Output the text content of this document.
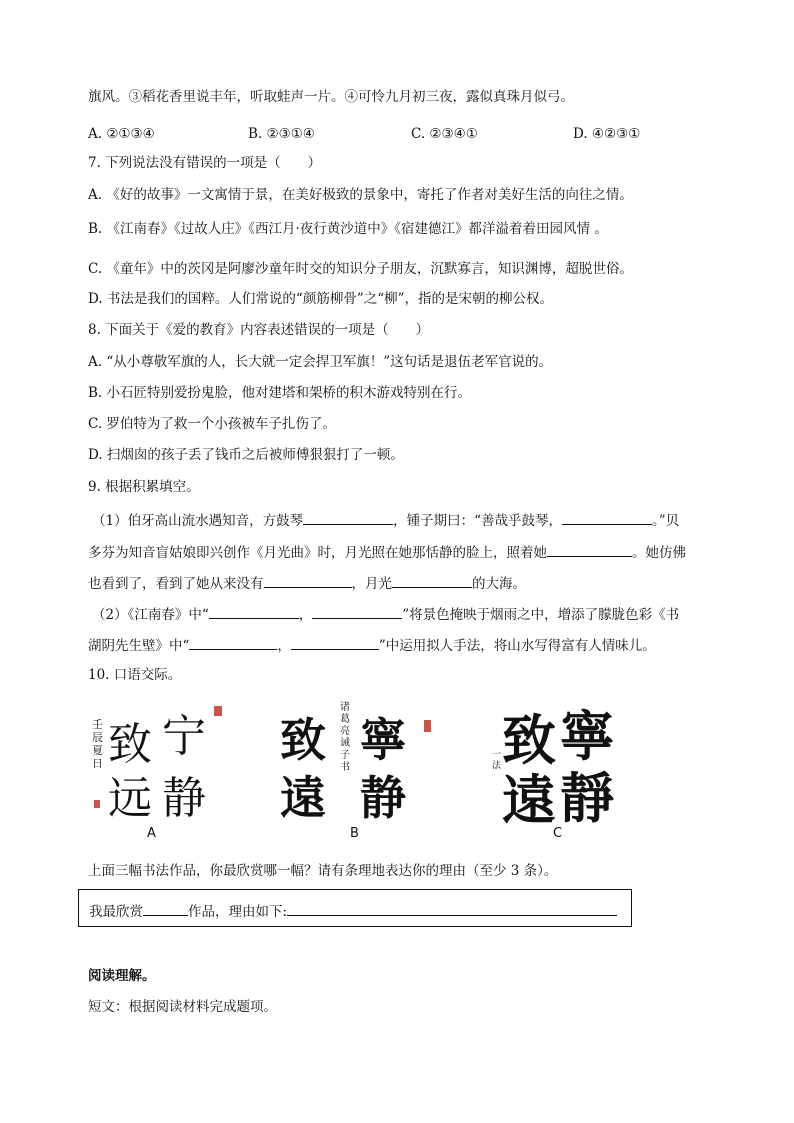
旗风。③稻花香里说丰年，听取蛙声一片。④可怜九月初三夜，露似真珠月似弓。
A. ②①③④	B. ②③①④	C. ②③④①	D. ④②③①
7. 下列说法没有错误的一项是（　　）
A. 《好的故事》一文寓情于景，在美好极致的景象中，寄托了作者对美好生活的向往之情。
B. 《江南春》《过故人庄》《西江月·夜行黄沙道中》《宿建德江》都洋溢着着田园风情 。
C. 《童年》中的茨冈是阿廖沙童年时交的知识分子朋友，沉默寡言，知识渊博，超脱世俗。
D. 书法是我们的国粹。人们常说的“颜筋柳骨”之“柳”，指的是宋朝的柳公权。
8. 下面关于《爱的教育》内容表述错误的一项是（　　）
A. “从小尊敬军旗的人，长大就一定会捍卫军旗！”这句话是退伍老军官说的。
B. 小石匠特别爱扮鬼脸，他对建塔和架桥的积木游戏特别在行。
C. 罗伯特为了救一个小孩被车子扎伤了。
D. 扫烟囱的孩子丢了钱币之后被师傅狠狠打了一顿。
9. 根据积累填空。
（1）伯牙高山流水遇知音，方鼓琴	，锺子期曰：“善哉乎鼓琴，	。”贝
多芬为知音盲姑娘即兴创作《月光曲》时，月光照在她那恬静的脸上，照着她	。她仿佛
也看到了，看到了她从来没有	，月光	的大海。
（2）《江南春》中“	，	”将景色掩映于烟雨之中，增添了朦胧色彩《书
湖阴先生壁》中“	，	”中运用拟人手法，将山水写得富有人情味儿。
10. 口语交际。
壬辰夏日
宁
致
静
远
A
寧
致
静
遠
诸葛亮诫子书
B
寧
致
靜
遠
一法
C
上面三幅书法作品，你最欣赏哪一幅？请有条理地表达你的理由（至少 3 条）。
我最欣赏	作品，理由如下:
阅读理解。
短文：根据阅读材料完成题项。
